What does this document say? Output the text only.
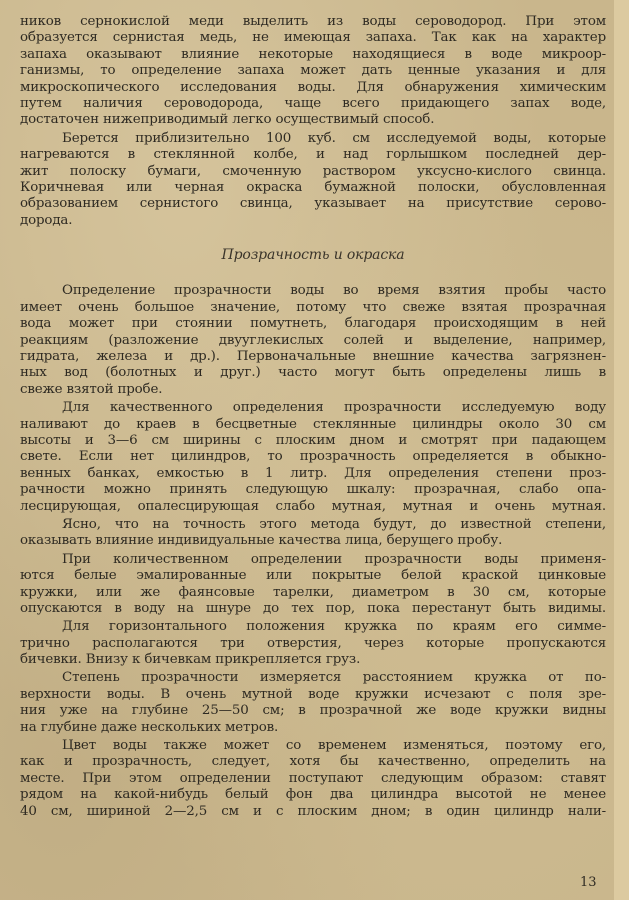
ников сернокислой меди выделить из воды сероводород. При этом
образуется сернистая медь, не имеющая запаха. Так как на характер
запаха оказывают влияние некоторые находящиеся в воде микроор-
ганизмы, то определение запаха может дать ценные указания и для
микроскопического исследования воды. Для обнаружения химическим
путем наличия сероводорода, чаще всего придающего запах воде,
достаточен нижеприводимый легко осуществимый способ.
Берется приблизительно 100 куб. см исследуемой воды, которые
нагреваются в стеклянной колбе, и над горлышком последней дер-
жит полоску бумаги, смоченную раствором уксусно-кислого свинца.
Коричневая или черная окраска бумажной полоски, обусловленная
образованием сернистого свинца, указывает на присутствие серово-
дорода.
Прозрачность и окраска
Определение прозрачности воды во время взятия пробы часто
имеет очень большое значение, потому что свеже взятая прозрачная
вода может при стоянии помутнеть, благодаря происходящим в ней
реакциям (разложение двууглекислых солей и выделение, например,
гидрата, железа и др.). Первоначальные внешние качества загрязнен-
ных вод (болотных и друг.) часто могут быть определены лишь в
свеже взятой пробе.
Для качественного определения прозрачности исследуемую воду
наливают до краев в бесцветные стеклянные цилиндры около 30 см
высоты и 3—6 см ширины с плоским дном и смотрят при падающем
свете. Если нет цилиндров, то прозрачность определяется в обыкно-
венных банках, емкостью в 1 литр. Для определения степени проз-
рачности можно принять следующую шкалу: прозрачная, слабо опа-
лесцирующая, опалесцирующая слабо мутная, мутная и очень мутная.
Ясно, что на точность этого метода будут, до известной степени,
оказывать влияние индивидуальные качества лица, берущего пробу.
При количественном определении прозрачности воды применя-
ются белые эмалированные или покрытые белой краской цинковые
кружки, или же фаянсовые тарелки, диаметром в 30 см, которые
опускаются в воду на шнуре до тех пор, пока перестанут быть видимы.
Для горизонтального положения кружка по краям его симме-
трично располагаются три отверстия, через которые пропускаются
бичевки. Внизу к бичевкам прикрепляется груз.
Степень прозрачности измеряется расстоянием кружка от по-
верхности воды. В очень мутной воде кружки исчезают с поля зре-
ния уже на глубине 25—50 см; в прозрачной же воде кружки видны
на глубине даже нескольких метров.
Цвет воды также может со временем изменяться, поэтому его,
как и прозрачность, следует, хотя бы качественно, определить на
месте. При этом определении поступают следующим образом: ставят
рядом на какой-нибудь белый фон два цилиндра высотой не менее
40 см, шириной 2—2,5 см и с плоским дном; в один цилиндр нали-
13
